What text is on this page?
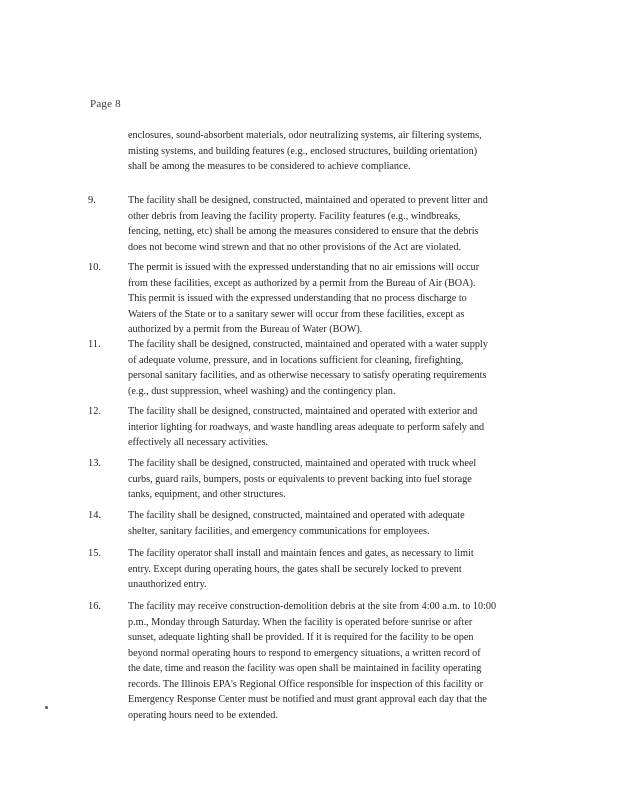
Page 8
enclosures, sound-absorbent materials, odor neutralizing systems, air filtering systems,
misting systems, and building features (e.g., enclosed structures, building orientation)
shall be among the measures to be considered to achieve compliance.
9.	The facility shall be designed, constructed, maintained and operated to prevent litter and
other debris from leaving the facility property. Facility features (e.g., windbreaks,
fencing, netting, etc) shall be among the measures considered to ensure that the debris
does not become wind strewn and that no other provisions of the Act are violated.
10.	The permit is issued with the expressed understanding that no air emissions will occur
from these facilities, except as authorized by a permit from the Bureau of Air (BOA).
This permit is issued with the expressed understanding that no process discharge to
Waters of the State or to a sanitary sewer will occur from these facilities, except as
authorized by a permit from the Bureau of Water (BOW).
11.	The facility shall be designed, constructed, maintained and operated with a water supply
of adequate volume, pressure, and in locations sufficient for cleaning, firefighting,
personal sanitary facilities, and as otherwise necessary to satisfy operating requirements
(e.g., dust suppression, wheel washing) and the contingency plan.
12.	The facility shall be designed, constructed, maintained and operated with exterior and
interior lighting for roadways, and waste handling areas adequate to perform safely and
effectively all necessary activities.
13.	The facility shall be designed, constructed, maintained and operated with truck wheel
curbs, guard rails, bumpers, posts or equivalents to prevent backing into fuel storage
tanks, equipment, and other structures.
14.	The facility shall be designed, constructed, maintained and operated with adequate
shelter, sanitary facilities, and emergency communications for employees.
15.	The facility operator shall install and maintain fences and gates, as necessary to limit
entry. Except during operating hours, the gates shall be securely locked to prevent
unauthorized entry.
16.	The facility may receive construction-demolition debris at the site from 4:00 a.m. to 10:00
p.m., Monday through Saturday. When the facility is operated before sunrise or after
sunset, adequate lighting shall be provided. If it is required for the facility to be open
beyond normal operating hours to respond to emergency situations, a written record of
the date, time and reason the facility was open shall be maintained in facility operating
records. The Illinois EPA's Regional Office responsible for inspection of this facility or
Emergency Response Center must be notified and must grant approval each day that the
operating hours need to be extended.
